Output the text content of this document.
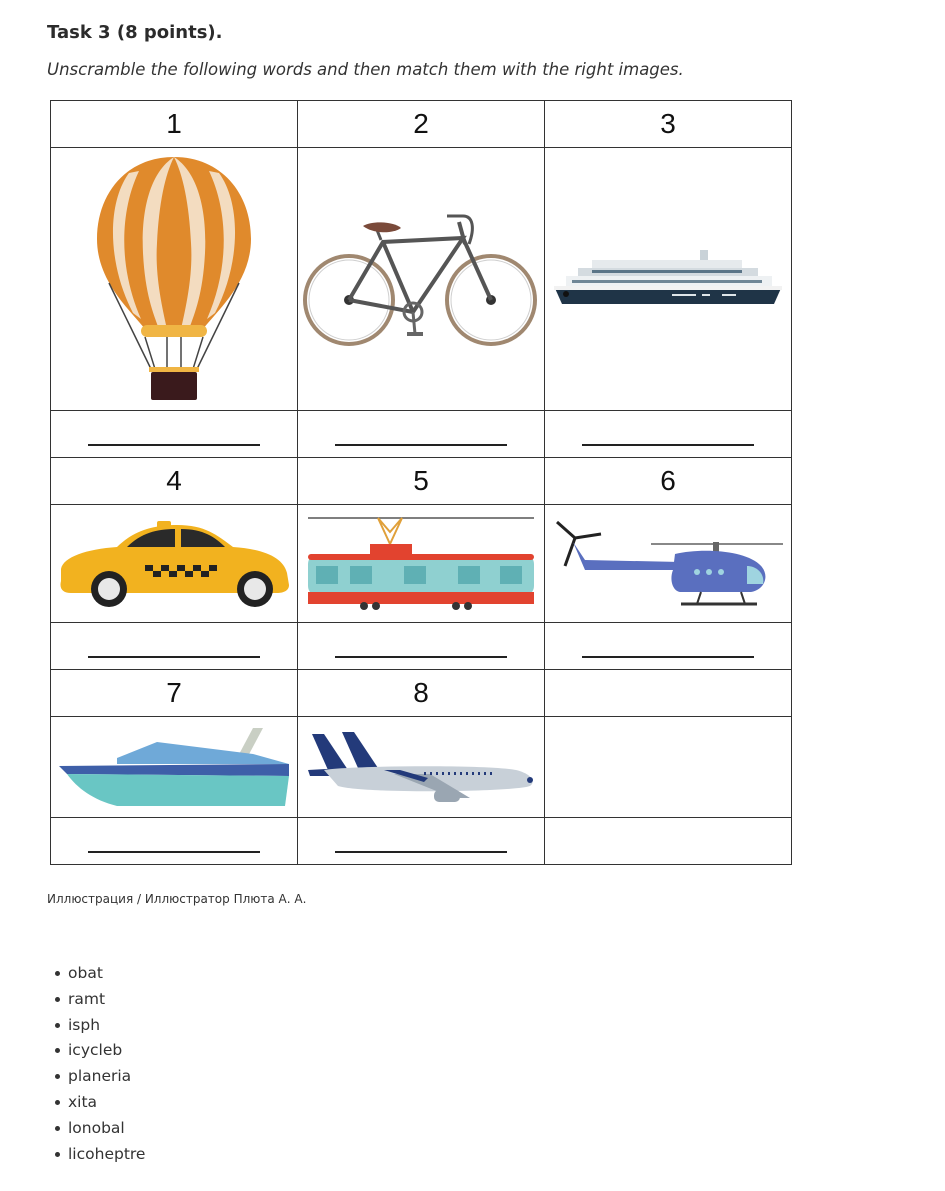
Task 3 (8 points).
Unscramble the following words and then match them with the right images.
1	2	3

4	5	6

7	8	

Иллюстрация / Иллюстратор Плюта А. А.
obat
ramt
isph
icycleb
planeria
xita
lonobal
licoheptre
